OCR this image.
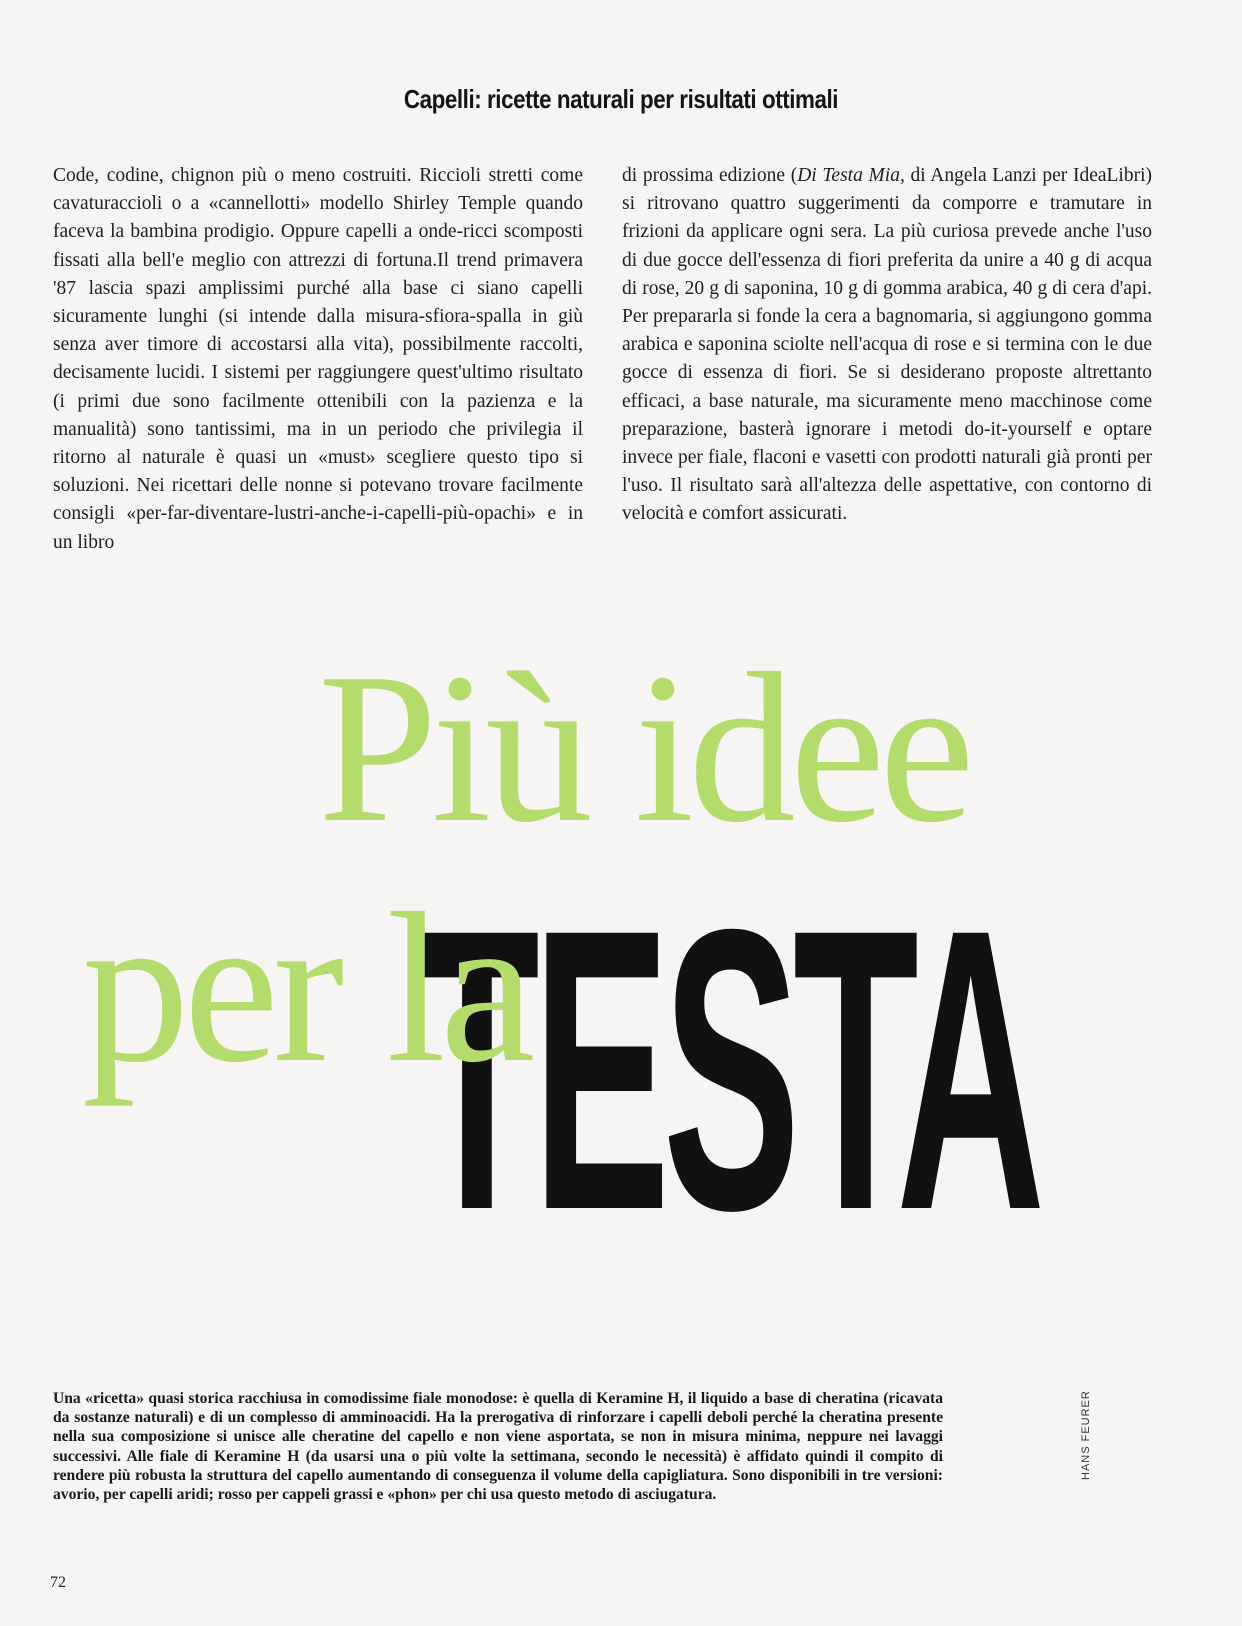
Capelli: ricette naturali per risultati ottimali

Code, codine, chignon più o meno costruiti. Riccioli stretti come cavaturaccioli o a «cannellotti» modello Shirley Temple quando faceva la bambina prodigio. Oppure capelli a onde-ricci scomposti fissati alla bell'e meglio con attrezzi di fortuna.Il trend primavera '87 lascia spazi amplissimi purché alla base ci siano capelli sicuramente lunghi (si intende dalla misura-sfiora-spalla in giù senza aver timore di accostarsi alla vita), possibilmente raccolti, decisamente lucidi. I sistemi per raggiungere quest'ultimo risultato (i primi due sono facilmente ottenibili con la pazienza e la manualità) sono tantissimi, ma in un periodo che privilegia il ritorno al naturale è quasi un «must» scegliere questo tipo si soluzioni. Nei ricettari delle nonne si potevano trovare facilmente consigli «per-far-diventare-lustri-anche-i-capelli-più-opachi» e in un libro

di prossima edizione (Di Testa Mia, di Angela Lanzi per IdeaLibri) si ritrovano quattro suggerimenti da comporre e tramutare in frizioni da applicare ogni sera. La più curiosa prevede anche l'uso di due gocce dell'essenza di fiori preferita da unire a 40 g di acqua di rose, 20 g di saponina, 10 g di gomma arabica, 40 g di cera d'api. Per prepararla si fonde la cera a bagnomaria, si aggiungono gomma arabica e saponina sciolte nell'acqua di rose e si termina con le due gocce di essenza di fiori. Se si desiderano proposte altrettanto efficaci, a base naturale, ma sicuramente meno macchinose come preparazione, basterà ignorare i metodi do-it-yourself e optare invece per fiale, flaconi e vasetti con prodotti naturali già pronti per l'uso. Il risultato sarà all'altezza delle aspettative, con contorno di velocità e comfort assicurati.

TESTA
Più idee
per la
Una «ricetta» quasi storica racchiusa in comodissime fiale monodose: è quella di Keramine H, il liquido a base di cheratina (ricavata da sostanze naturali) e di un complesso di amminoacidi. Ha la prerogativa di rinforzare i capelli deboli perché la cheratina presente nella sua composizione si unisce alle cheratine del capello e non viene asportata, se non in misura minima, neppure nei lavaggi successivi. Alle fiale di Keramine H (da usarsi una o più volte la settimana, secondo le necessità) è affidato quindi il compito di rendere più robusta la struttura del capello aumentando di conseguenza il volume della capigliatura. Sono disponibili in tre versioni: avorio, per capelli aridi; rosso per cappeli grassi e «phon» per chi usa questo metodo di asciugatura.
HANS FEURER
72
